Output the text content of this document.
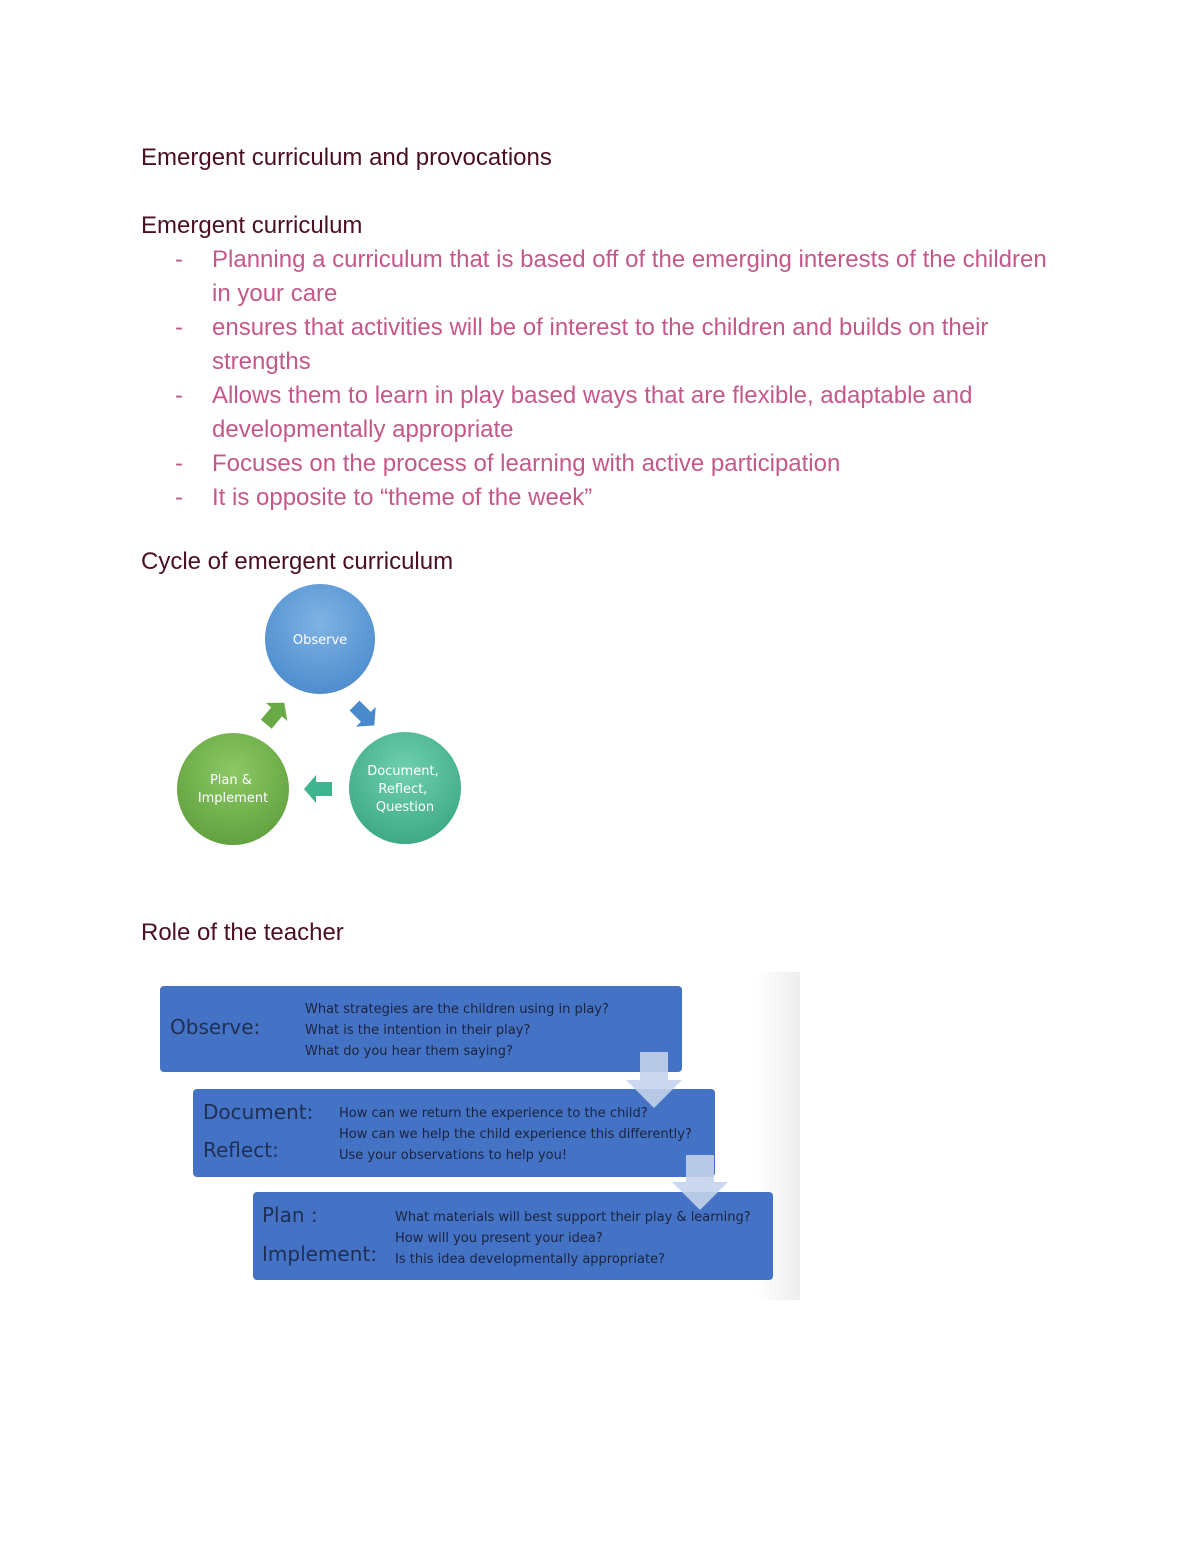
Emergent curriculum and provocations
Emergent curriculum
- Planning a curriculum that is based off of the emerging interests of the children in your care
- ensures that activities will be of interest to the children and builds on their strengths
- Allows them to learn in play based ways that are flexible, adaptable and developmentally appropriate
- Focuses on the process of learning with active participation
- It is opposite to “theme of the week”
Cycle of emergent curriculum
Observe
Document, Reflect, Question
Plan & Implement
Role of the teacher
Observe:
What strategies are the children using in play? What is the intention in their play? What do you hear them saying?
Document:
Reflect:
How can we return the experience to the child? How can we help the child experience this differently? Use your observations to help you!
Plan :
Implement:
What materials will best support their play & learning? How will you present your idea? Is this idea developmentally appropriate?
